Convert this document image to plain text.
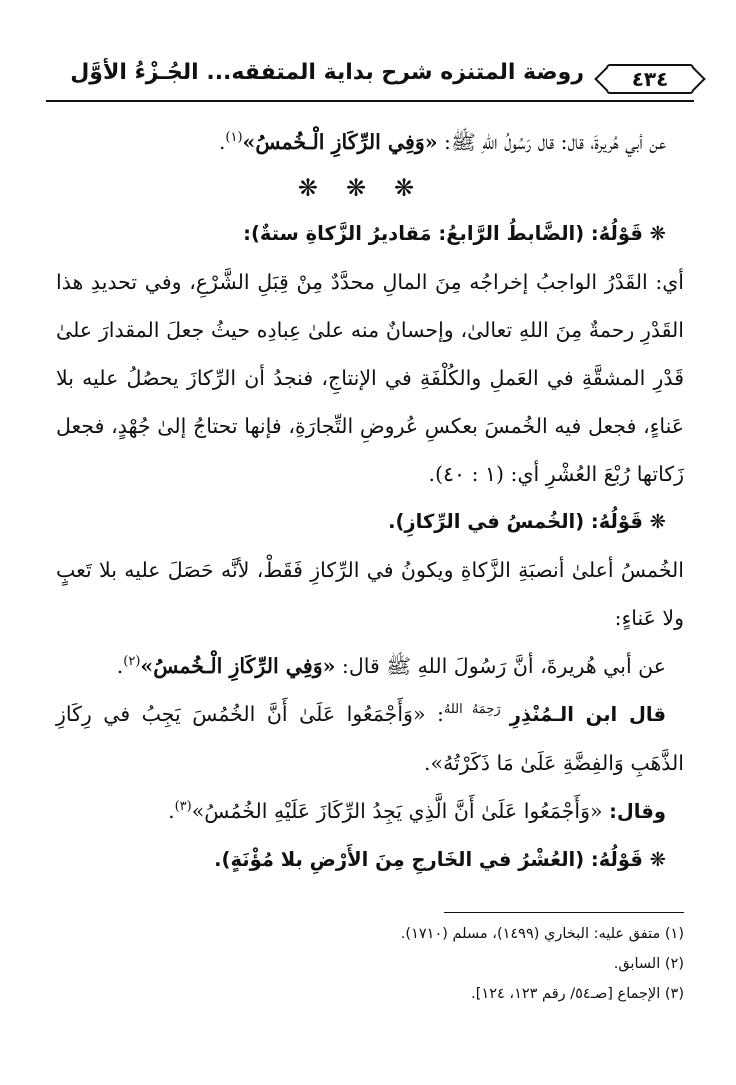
٤٣٤
روضة المتنزه شرح بداية المتفقه... الجُـزْءُ الأوَّل

عن أبي هُريرةَ، قال: قال رَسُولُ اللهِ ﷺ: «وَفِي الرِّكَازِ الْـخُمسُ»$^{(١)}$.

❋❋❋

❋ قَوْلُهُ: (الضَّابطُ الرَّابعُ: مَقاديرُ الزَّكاةِ ستةٌ):

أي: القَدْرُ الواجبُ إخراجُه مِنَ المالِ محدَّدٌ مِنْ قِبَلِ الشَّرْعِ، وفي تحديدِ هذا القَدْرِ رحمةٌ مِنَ اللهِ تعالىٰ، وإحسانٌ منه علىٰ عِبادِه حيثُ جعلَ المقدارَ علىٰ قَدْرِ المشقَّةِ في العَملِ والكُلْفَةِ في الإنتاجِ، فنجدُ أن الرِّكازَ يحصُلُ عليه بلا عَناءٍ، فجعل فيه الخُمسَ بعكسِ عُروضِ التِّجارَةِ، فإنها تحتاجُ إلىٰ جُهْدٍ، فجعل زَكاتها رُبْعَ العُشْرِ أي: (١ : ٤٠).

❋ قَوْلُهُ: (الخُمسُ في الرِّكازِ).

الخُمسُ أعلىٰ أنصبَةِ الزَّكاةِ ويكونُ في الرِّكازِ فَقَطْ، لأنَّه حَصَلَ عليه بلا تَعبٍ ولا عَناءٍ:

عن أبي هُريرةَ، أنَّ رَسُولَ اللهِ ﷺ قال: «وَفِي الرِّكَازِ الْـخُمسُ»$^{(٢)}$.

قال ابن الـمُنْذِرِ $^{رَحِمَهُ اللهُ}$: «وَأَجْمَعُوا عَلَىٰ أَنَّ الخُمُسَ يَجِبُ في رِكَازِ الذَّهَبِ وَالفِضَّةِ عَلَىٰ مَا ذَكَرْتُهُ».

وقال: «وَأَجْمَعُوا عَلَىٰ أَنَّ الَّذِي يَجِدُ الرِّكَازَ عَلَيْهِ الخُمُسُ»$^{(٣)}$.

❋ قَوْلُهُ: (العُشْرُ في الخَارجِ مِنَ الأَرْضِ بلا مُؤْنَةٍ).

(١) متفق عليه: البخاري (١٤٩٩)، مسلم (١٧١٠).

(٢) السابق.

(٣) الإجماع [صـ٥٤/ رقم ١٢٣، ١٢٤].
